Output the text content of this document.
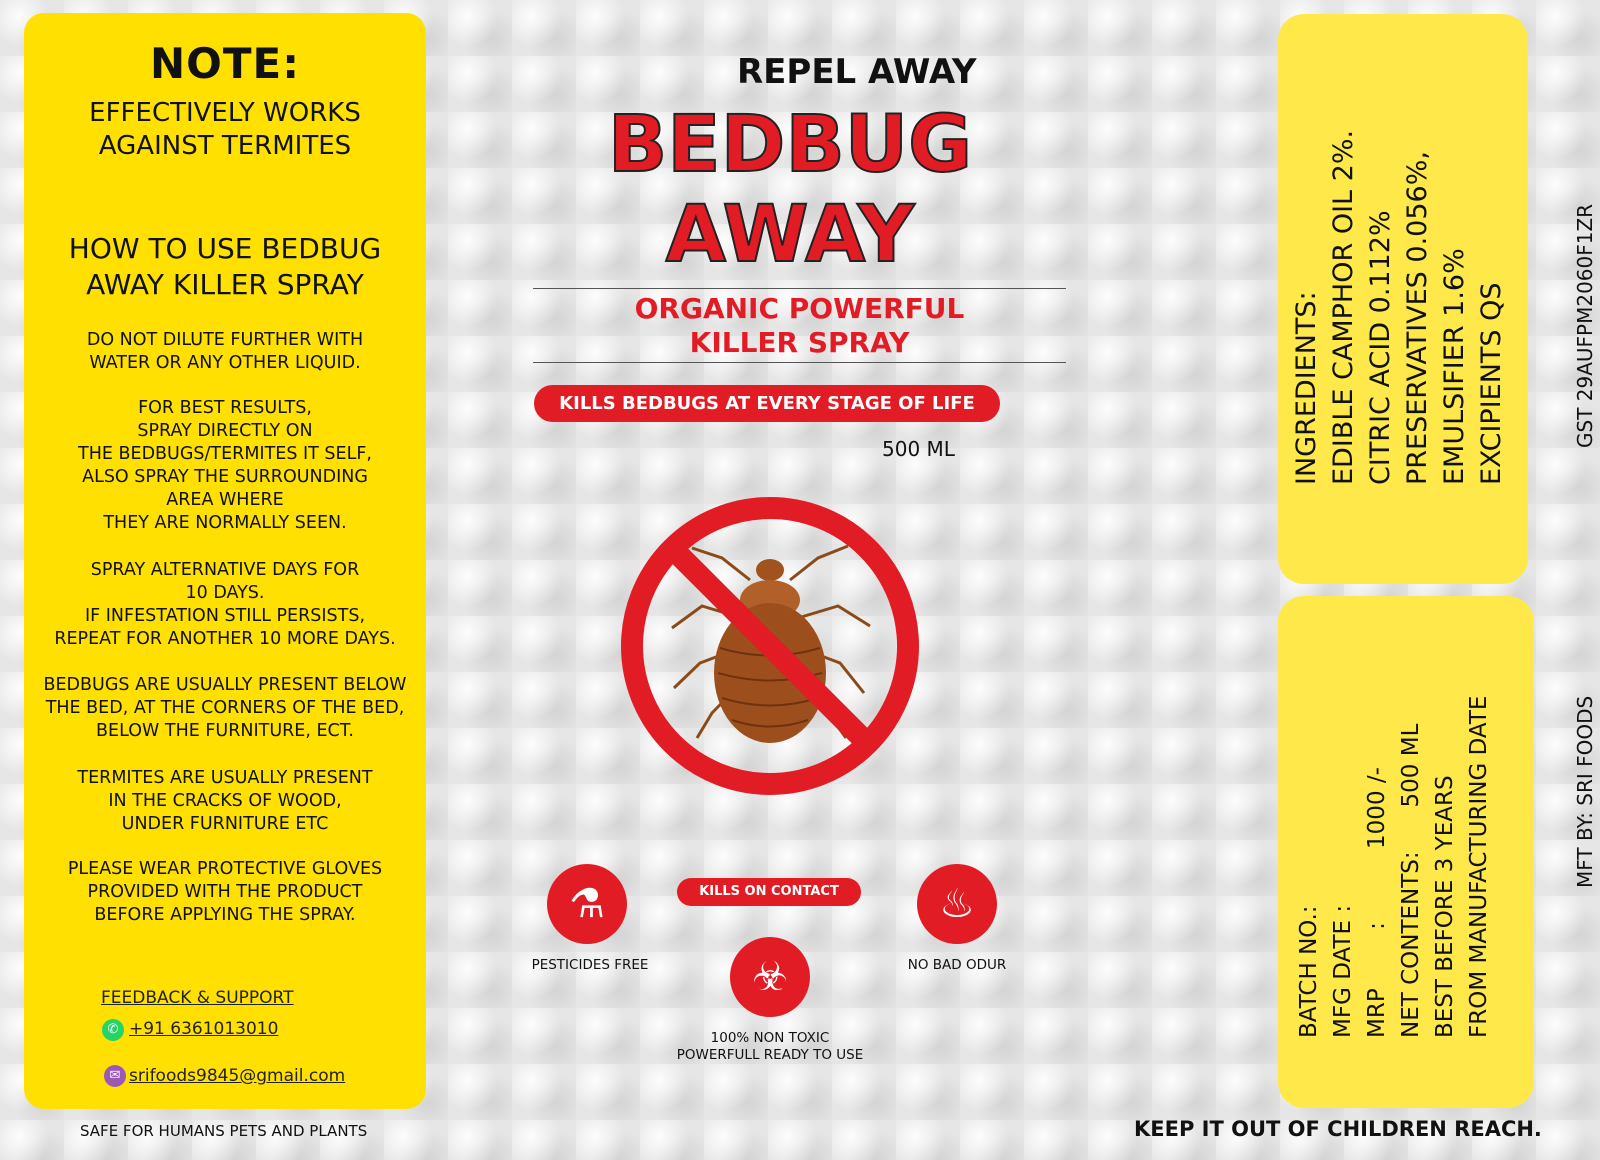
NOTE:
EFFECTIVELY WORKS
AGAINST TERMITES
HOW TO USE BEDBUG
AWAY KILLER SPRAY
DO NOT DILUTE FURTHER WITH
WATER OR ANY OTHER LIQUID.
FOR BEST RESULTS,
SPRAY DIRECTLY ON
THE BEDBUGS/TERMITES IT SELF,
ALSO SPRAY THE SURROUNDING
AREA WHERE
THEY ARE NORMALLY SEEN.
SPRAY ALTERNATIVE DAYS FOR
10 DAYS.
IF INFESTATION STILL PERSISTS,
REPEAT FOR ANOTHER 10 MORE DAYS.
BEDBUGS ARE USUALLY PRESENT BELOW
THE BED, AT THE CORNERS OF THE BED,
BELOW THE FURNITURE, ECT.
TERMITES ARE USUALLY PRESENT
IN THE CRACKS OF WOOD,
UNDER FURNITURE ETC
PLEASE WEAR PROTECTIVE GLOVES
PROVIDED WITH THE PRODUCT
BEFORE APPLYING THE SPRAY.
FEEDBACK & SUPPORT
✆ +91 6361013010
✉ srifoods9845@gmail.com
SAFE FOR HUMANS PETS AND PLANTS
REPEL AWAY
BEDBUG
AWAY
ORGANIC POWERFUL
KILLER SPRAY
KILLS BEDBUGS AT EVERY STAGE OF LIFE
500 ML
⚗	KILLS ON CONTACT	♨
PESTICIDES FREE	NO BAD ODUR
☣
100% NON TOXIC
POWERFULL READY TO USE
INGREDIENTS: EDIBLE CAMPHOR OIL 2%. CITRIC ACID 0.112% PRESERVATIVES 0.056%, EMULSIFIER 1.6% EXCIPIENTS QS
BATCH NO.: MFG DATE : MRP        :          1000 /- NET CONTENTS:      500 ML BEST BEFORE 3 YEARS FROM MANUFACTURING DATE
GST 29AUFPM2060F1ZR
MFT BY: SRI FOODS
KEEP IT OUT OF CHILDREN REACH.
